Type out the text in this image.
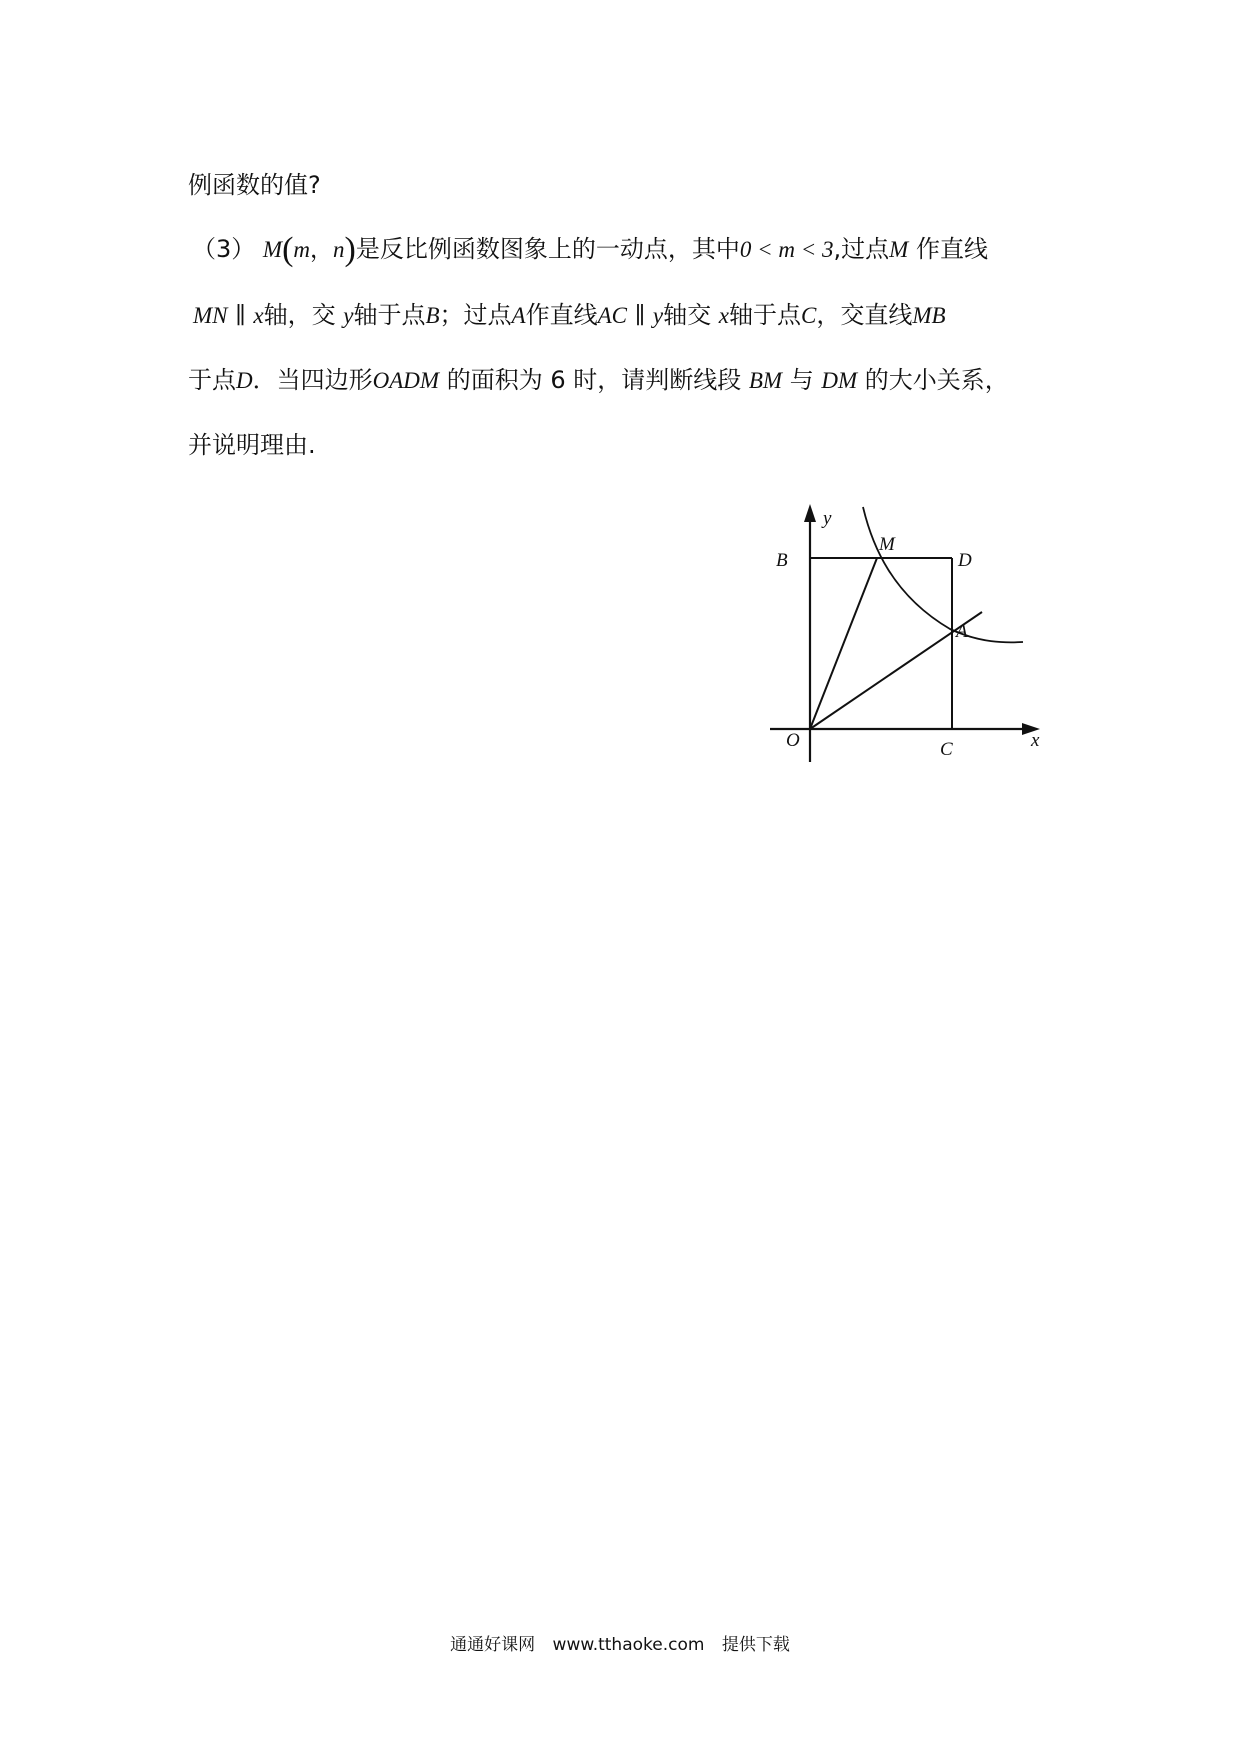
例函数的值?
（3） M(m，n)是反比例函数图象上的一动点，其中0 < m < 3,过点M 作直线
MN ∥ x轴，交 y轴于点B；过点A作直线AC ∥ y轴交 x轴于点C，交直线MB
于点D．当四边形OADM 的面积为 6 时，请判断线段 BM 与 DM 的大小关系，
并说明理由.
y
x
O
B
M
D
A
C
通通好课网 www.tthaoke.com 提供下载
